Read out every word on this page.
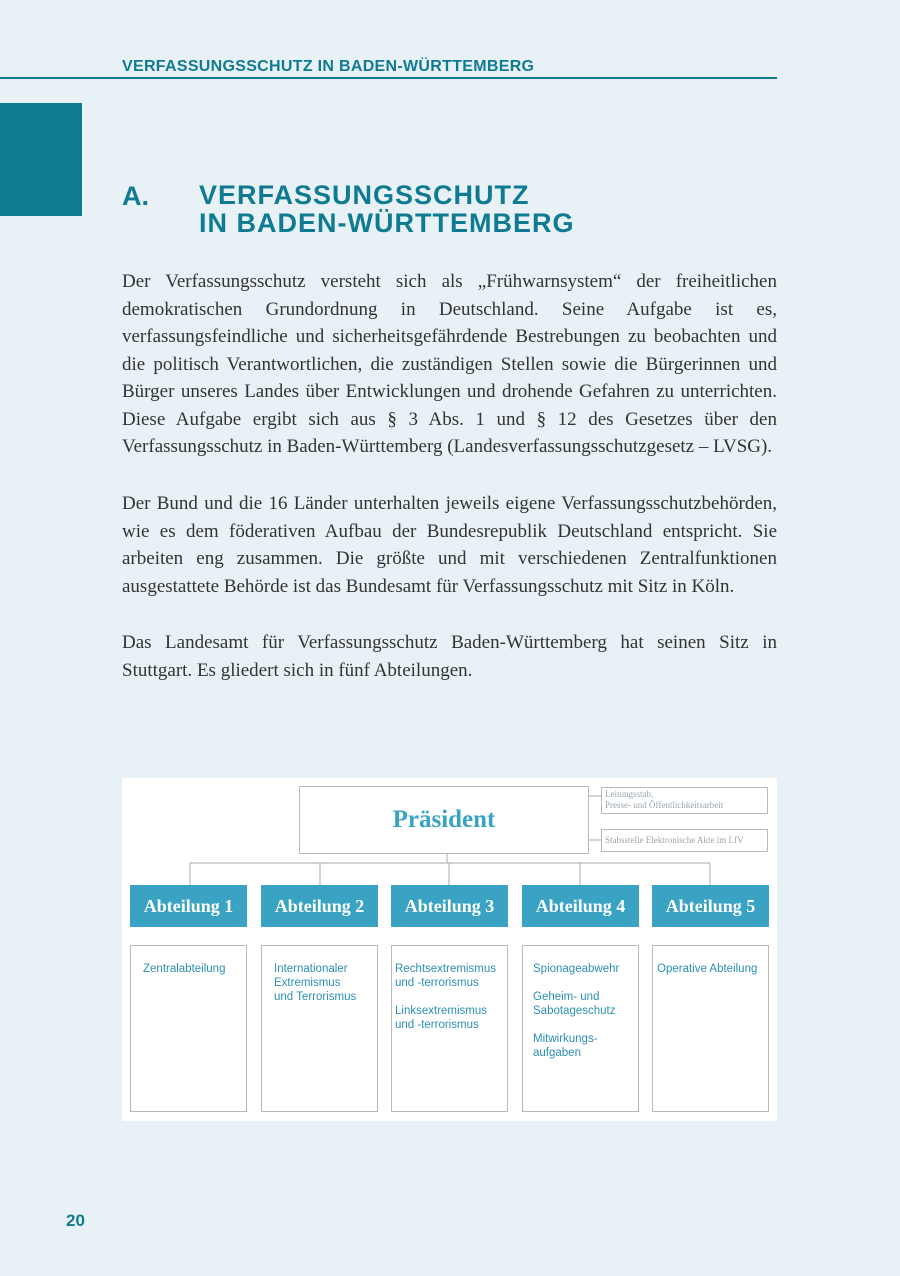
VERFASSUNGSSCHUTZ IN BADEN-WÜRTTEMBERG
A. VERFASSUNGSSCHUTZ
IN BADEN-WÜRTTEMBERG

Der Verfassungsschutz versteht sich als „Frühwarnsystem“ der freiheitlichen demokratischen Grundordnung in Deutschland. Seine Aufgabe ist es, verfassungsfeindliche und sicherheitsgefährdende Bestrebungen zu beobachten und die politisch Verantwortlichen, die zuständigen Stellen sowie die Bürgerinnen und Bürger unseres Landes über Entwicklungen und drohende Gefahren zu unterrichten. Diese Aufgabe ergibt sich aus § 3 Abs. 1 und § 12 des Gesetzes über den Verfassungsschutz in Baden-Württemberg (Landesverfassungsschutzgesetz – LVSG).

Der Bund und die 16 Länder unterhalten jeweils eigene Verfassungsschutzbehörden, wie es dem föderativen Aufbau der Bundesrepublik Deutschland entspricht. Sie arbeiten eng zusammen. Die größte und mit verschiedenen Zentralfunktionen ausgestattete Behörde ist das Bundesamt für Verfassungsschutz mit Sitz in Köln.

Das Landesamt für Verfassungsschutz Baden-Württemberg hat seinen Sitz in Stuttgart. Es gliedert sich in fünf Abteilungen.

Präsident
Leitungsstab,
Presse- und Öffentlichkeitsarbeit
Stabsstelle Elektronische Akte im LfV
Abteilung 1	Abteilung 2	Abteilung 3	Abteilung 4	Abteilung 5
Zentralabteilung	Internationaler
Extremismus
und Terrorismus
Rechtsextremismus
und -terrorismus
Linksextremismus
und -terrorismus
Spionageabwehr
Geheim- und
Sabotageschutz
Mitwirkungs-
aufgaben
Operative Abteilung
20
